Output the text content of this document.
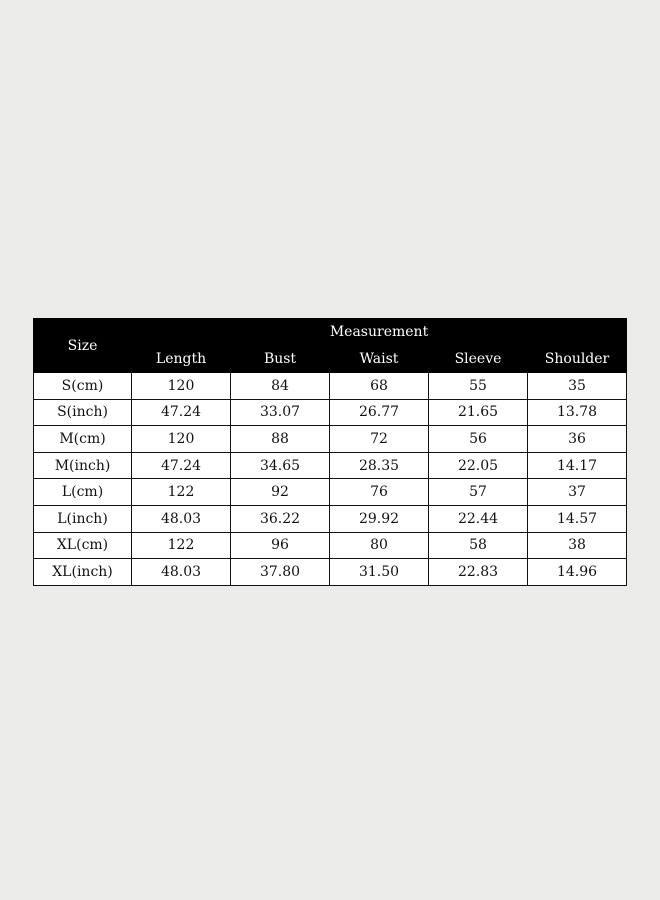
Size	Measurement				
	Length	Bust	Waist	Sleeve	Shoulder
S(cm)	120	84	68	55	35
S(inch)	47.24	33.07	26.77	21.65	13.78
M(cm)	120	88	72	56	36
M(inch)	47.24	34.65	28.35	22.05	14.17
L(cm)	122	92	76	57	37
L(inch)	48.03	36.22	29.92	22.44	14.57
XL(cm)	122	96	80	58	38
XL(inch)	48.03	37.80	31.50	22.83	14.96
